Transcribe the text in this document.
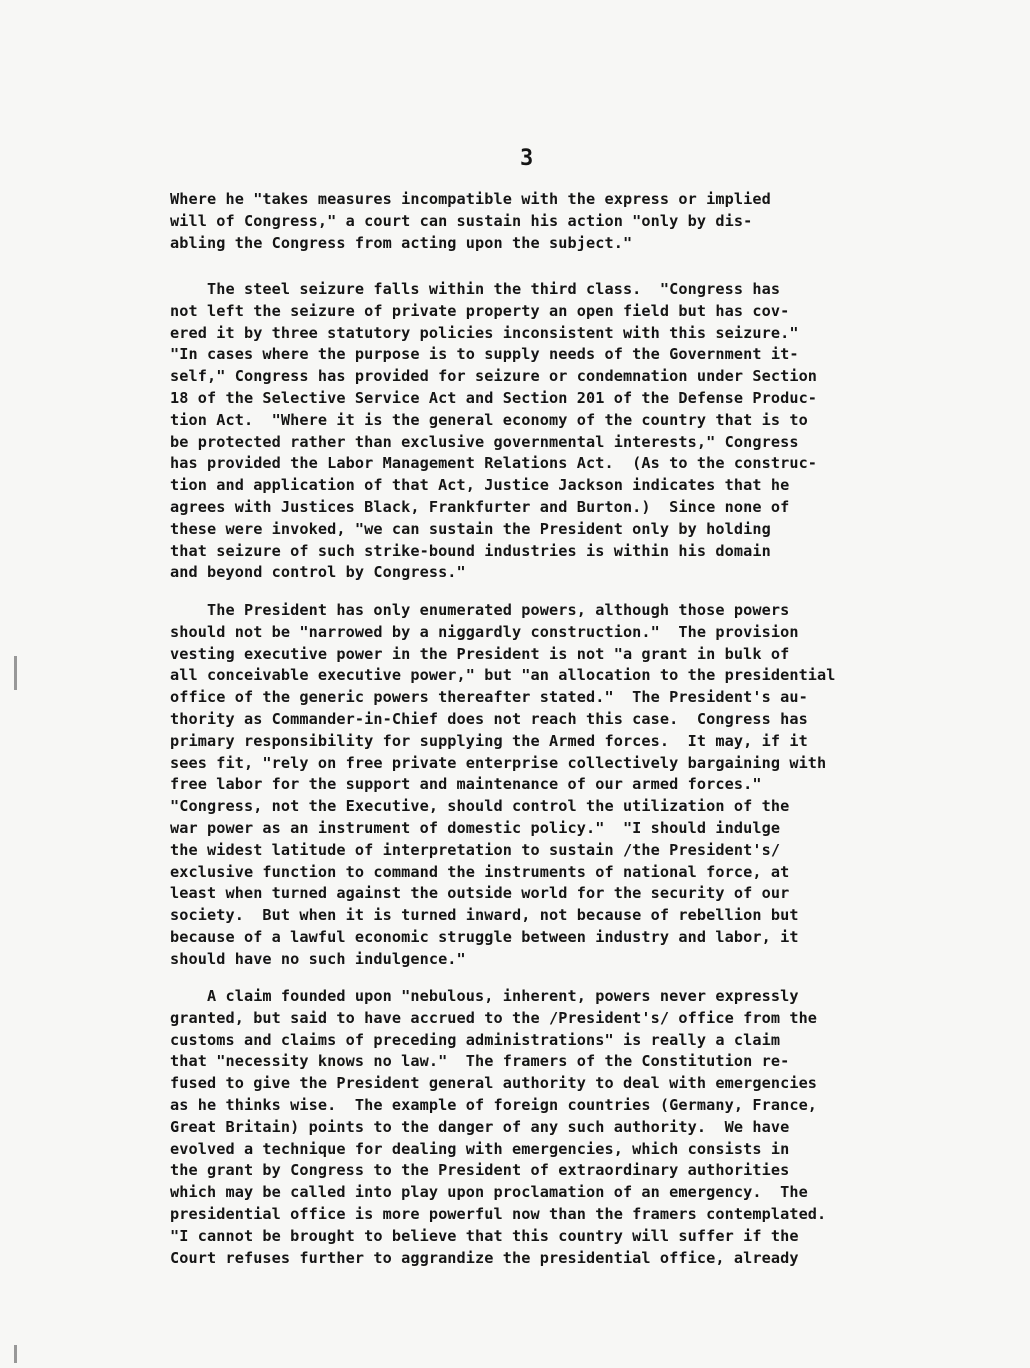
3
Where he "takes measures incompatible with the express or implied
will of Congress," a court can sustain his action "only by dis-
abling the Congress from acting upon the subject."
The steel seizure falls within the third class.  "Congress has
not left the seizure of private property an open field but has cov-
ered it by three statutory policies inconsistent with this seizure."
"In cases where the purpose is to supply needs of the Government it-
self," Congress has provided for seizure or condemnation under Section
18 of the Selective Service Act and Section 201 of the Defense Produc-
tion Act.  "Where it is the general economy of the country that is to
be protected rather than exclusive governmental interests," Congress
has provided the Labor Management Relations Act.  (As to the construc-
tion and application of that Act, Justice Jackson indicates that he
agrees with Justices Black, Frankfurter and Burton.)  Since none of
these were invoked, "we can sustain the President only by holding
that seizure of such strike-bound industries is within his domain
and beyond control by Congress."
The President has only enumerated powers, although those powers
should not be "narrowed by a niggardly construction."  The provision
vesting executive power in the President is not "a grant in bulk of
all conceivable executive power," but "an allocation to the presidential
office of the generic powers thereafter stated."  The President's au-
thority as Commander-in-Chief does not reach this case.  Congress has
primary responsibility for supplying the Armed forces.  It may, if it
sees fit, "rely on free private enterprise collectively bargaining with
free labor for the support and maintenance of our armed forces."
"Congress, not the Executive, should control the utilization of the
war power as an instrument of domestic policy."  "I should indulge
the widest latitude of interpretation to sustain /the President's/
exclusive function to command the instruments of national force, at
least when turned against the outside world for the security of our
society.  But when it is turned inward, not because of rebellion but
because of a lawful economic struggle between industry and labor, it
should have no such indulgence."
A claim founded upon "nebulous, inherent, powers never expressly
granted, but said to have accrued to the /President's/ office from the
customs and claims of preceding administrations" is really a claim
that "necessity knows no law."  The framers of the Constitution re-
fused to give the President general authority to deal with emergencies
as he thinks wise.  The example of foreign countries (Germany, France,
Great Britain) points to the danger of any such authority.  We have
evolved a technique for dealing with emergencies, which consists in
the grant by Congress to the President of extraordinary authorities
which may be called into play upon proclamation of an emergency.  The
presidential office is more powerful now than the framers contemplated.
"I cannot be brought to believe that this country will suffer if the
Court refuses further to aggrandize the presidential office, already
